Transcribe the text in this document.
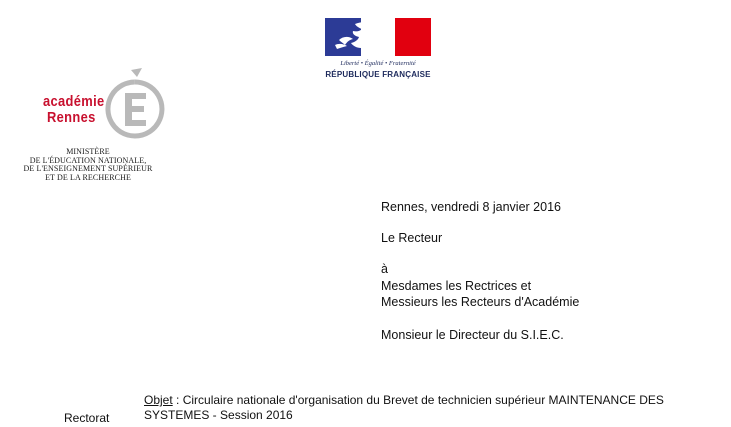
Liberté • Égalité • Fraternité
RÉPUBLIQUE FRANÇAISE
académie
Rennes
MINISTÈRE
DE L'ÉDUCATION NATIONALE,
DE L'ENSEIGNEMENT SUPÉRIEUR
ET DE LA RECHERCHE
Rennes, vendredi 8 janvier 2016
Le Recteur
à
Mesdames les Rectrices et
Messieurs les Recteurs d'Académie
Monsieur le Directeur du S.I.E.C.
Rectorat
Objet : Circulaire nationale d'organisation du Brevet de technicien supérieur MAINTENANCE DES SYSTEMES - Session 2016
